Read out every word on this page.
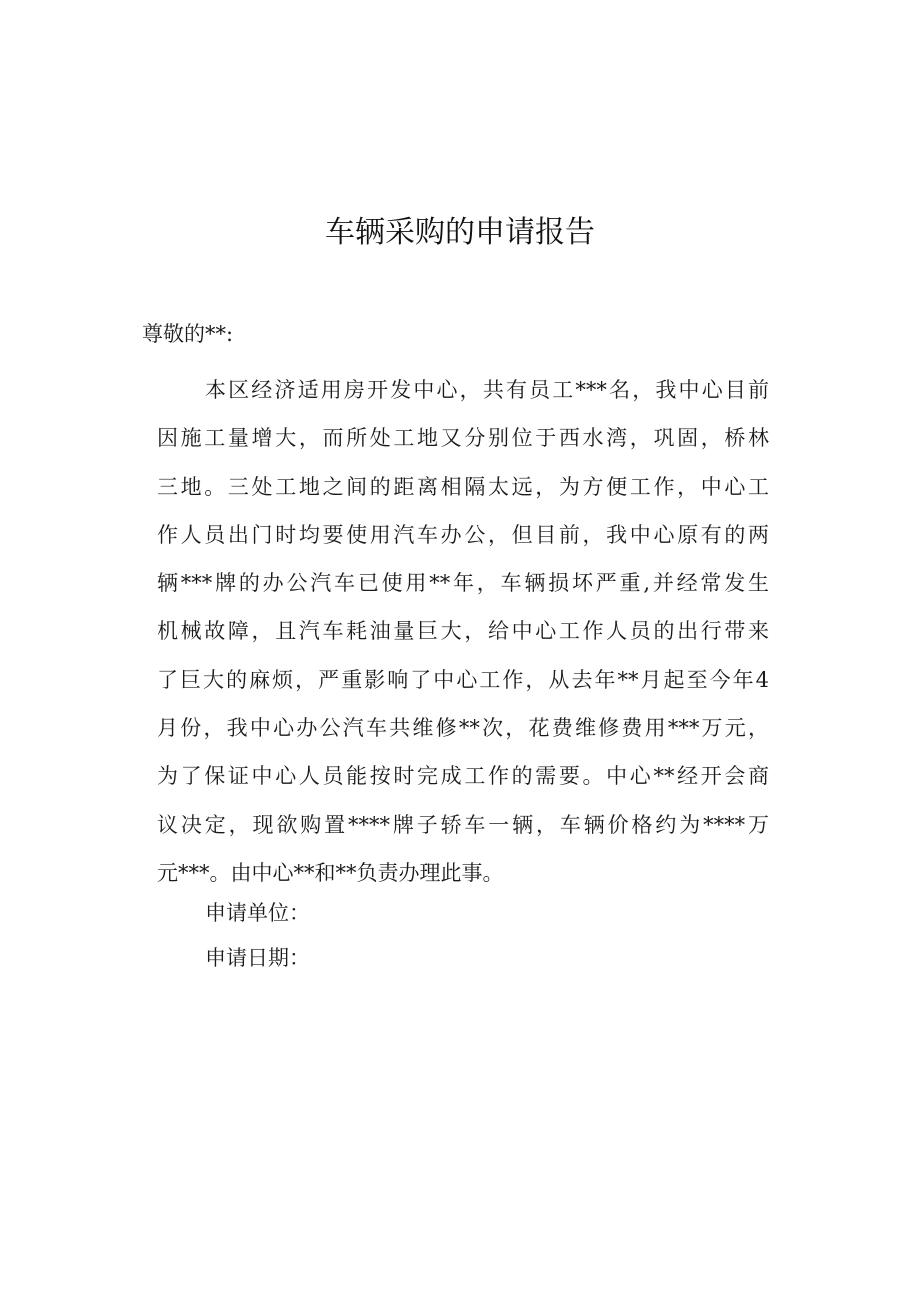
车辆采购的申请报告
尊敬的**:
本区经济适用房开发中心，共有员工***名，我中心目前
因施工量增大，而所处工地又分别位于西水湾，巩固，桥林
三地。三处工地之间的距离相隔太远，为方便工作，中心工
作人员出门时均要使用汽车办公，但目前，我中心原有的两
辆***牌的办公汽车已使用**年，车辆损坏严重,并经常发生
机械故障，且汽车耗油量巨大，给中心工作人员的出行带来
了巨大的麻烦，严重影响了中心工作，从去年**月起至今年4
月份，我中心办公汽车共维修**次，花费维修费用***万元，
为了保证中心人员能按时完成工作的需要。中心**经开会商
议决定，现欲购置****牌子轿车一辆，车辆价格约为****万
元***。由中心**和**负责办理此事。
申请单位：
申请日期：
